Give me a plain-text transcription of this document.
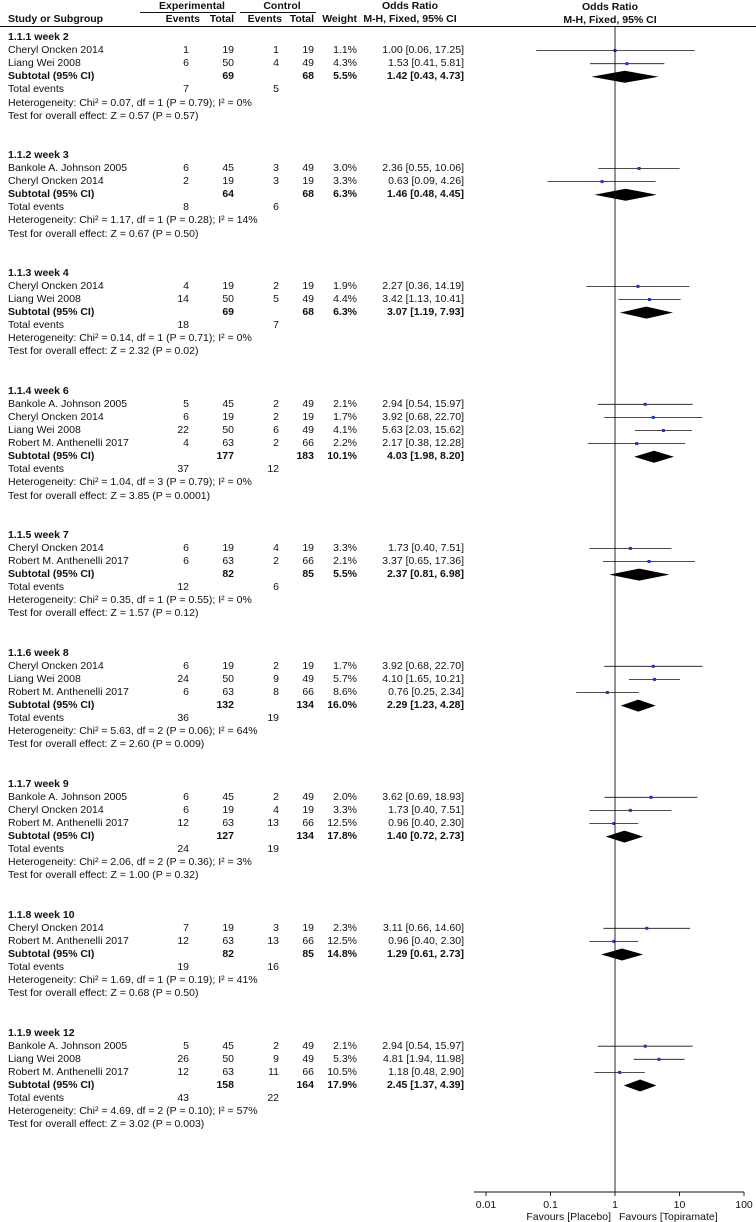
Experimental	Control	Odds Ratio
Study or Subgroup	Events Total	Events Total Weight M-H, Fixed, 95% CI
1.1.1 week 2
Cheryl Oncken 2014	1	19	1	19	1.1%	1.00 [0.06, 17.25]
Liang Wei 2008	6	50	4	49	4.3%	1.53 [0.41, 5.81]
Subtotal (95% CI)	69	68	5.5%	1.42 [0.43, 4.73]
Total events	7	5
Heterogeneity: Chi² = 0.07, df = 1 (P = 0.79); I² = 0%
Test for overall effect: Z = 0.57 (P = 0.57)
1.1.2 week 3
Bankole A. Johnson 2005	6	45	3	49	3.0%	2.36 [0.55, 10.06]
Cheryl Oncken 2014	2	19	3	19	3.3%	0.63 [0.09, 4.26]
Subtotal (95% CI)	64	68	6.3%	1.46 [0.48, 4.45]
Total events	8	6
Heterogeneity: Chi² = 1.17, df = 1 (P = 0.28); I² = 14%
Test for overall effect: Z = 0.67 (P = 0.50)
1.1.3 week 4
Cheryl Oncken 2014	4	19	2	19	1.9%	2.27 [0.36, 14.19]
Liang Wei 2008	14	50	5	49	4.4%	3.42 [1.13, 10.41]
Subtotal (95% CI)	69	68	6.3%	3.07 [1.19, 7.93]
Total events	18	7
Heterogeneity: Chi² = 0.14, df = 1 (P = 0.71); I² = 0%
Test for overall effect: Z = 2.32 (P = 0.02)
1.1.4 week 6
Bankole A. Johnson 2005	5	45	2	49	2.1%	2.94 [0.54, 15.97]
Cheryl Oncken 2014	6	19	2	19	1.7%	3.92 [0.68, 22.70]
Liang Wei 2008	22	50	6	49	4.1%	5.63 [2.03, 15.62]
Robert M. Anthenelli 2017	4	63	2	66	2.2%	2.17 [0.38, 12.28]
Subtotal (95% CI)	177	183	10.1%	4.03 [1.98, 8.20]
Total events	37	12
Heterogeneity: Chi² = 1.04, df = 3 (P = 0.79); I² = 0%
Test for overall effect: Z = 3.85 (P = 0.0001)
1.1.5 week 7
Cheryl Oncken 2014	6	19	4	19	3.3%	1.73 [0.40, 7.51]
Robert M. Anthenelli 2017	6	63	2	66	2.1%	3.37 [0.65, 17.36]
Subtotal (95% CI)	82	85	5.5%	2.37 [0.81, 6.98]
Total events	12	6
Heterogeneity: Chi² = 0.35, df = 1 (P = 0.55); I² = 0%
Test for overall effect: Z = 1.57 (P = 0.12)
1.1.6 week 8
Cheryl Oncken 2014	6	19	2	19	1.7%	3.92 [0.68, 22.70]
Liang Wei 2008	24	50	9	49	5.7%	4.10 [1.65, 10.21]
Robert M. Anthenelli 2017	6	63	8	66	8.6%	0.76 [0.25, 2.34]
Subtotal (95% CI)	132	134	16.0%	2.29 [1.23, 4.28]
Total events	36	19
Heterogeneity: Chi² = 5.63, df = 2 (P = 0.06); I² = 64%
Test for overall effect: Z = 2.60 (P = 0.009)
1.1.7 week 9
Bankole A. Johnson 2005	6	45	2	49	2.0%	3.62 [0.69, 18.93]
Cheryl Oncken 2014	6	19	4	19	3.3%	1.73 [0.40, 7.51]
Robert M. Anthenelli 2017	12	63	13	66	12.5%	0.96 [0.40, 2.30]
Subtotal (95% CI)	127	134	17.8%	1.40 [0.72, 2.73]
Total events	24	19
Heterogeneity: Chi² = 2.06, df = 2 (P = 0.36); I² = 3%
Test for overall effect: Z = 1.00 (P = 0.32)
1.1.8 week 10
Cheryl Oncken 2014	7	19	3	19	2.3%	3.11 [0.66, 14.60]
Robert M. Anthenelli 2017	12	63	13	66	12.5%	0.96 [0.40, 2.30]
Subtotal (95% CI)	82	85	14.8%	1.29 [0.61, 2.73]
Total events	19	16
Heterogeneity: Chi² = 1.69, df = 1 (P = 0.19); I² = 41%
Test for overall effect: Z = 0.68 (P = 0.50)
1.1.9 week 12
Bankole A. Johnson 2005	5	45	2	49	2.1%	2.94 [0.54, 15.97]
Liang Wei 2008	26	50	9	49	5.3%	4.81 [1.94, 11.98]
Robert M. Anthenelli 2017	12	63	11	66	10.5%	1.18 [0.48, 2.90]
Subtotal (95% CI)	158	164	17.9%	2.45 [1.37, 4.39]
Total events	43	22
Heterogeneity: Chi² = 4.69, df = 2 (P = 0.10); I² = 57%
Test for overall effect: Z = 3.02 (P = 0.003)
Odds Ratio
M-H, Fixed, 95% CI
0.01	0.1	1	10	100
Favours [Placebo] Favours [Topiramate]
